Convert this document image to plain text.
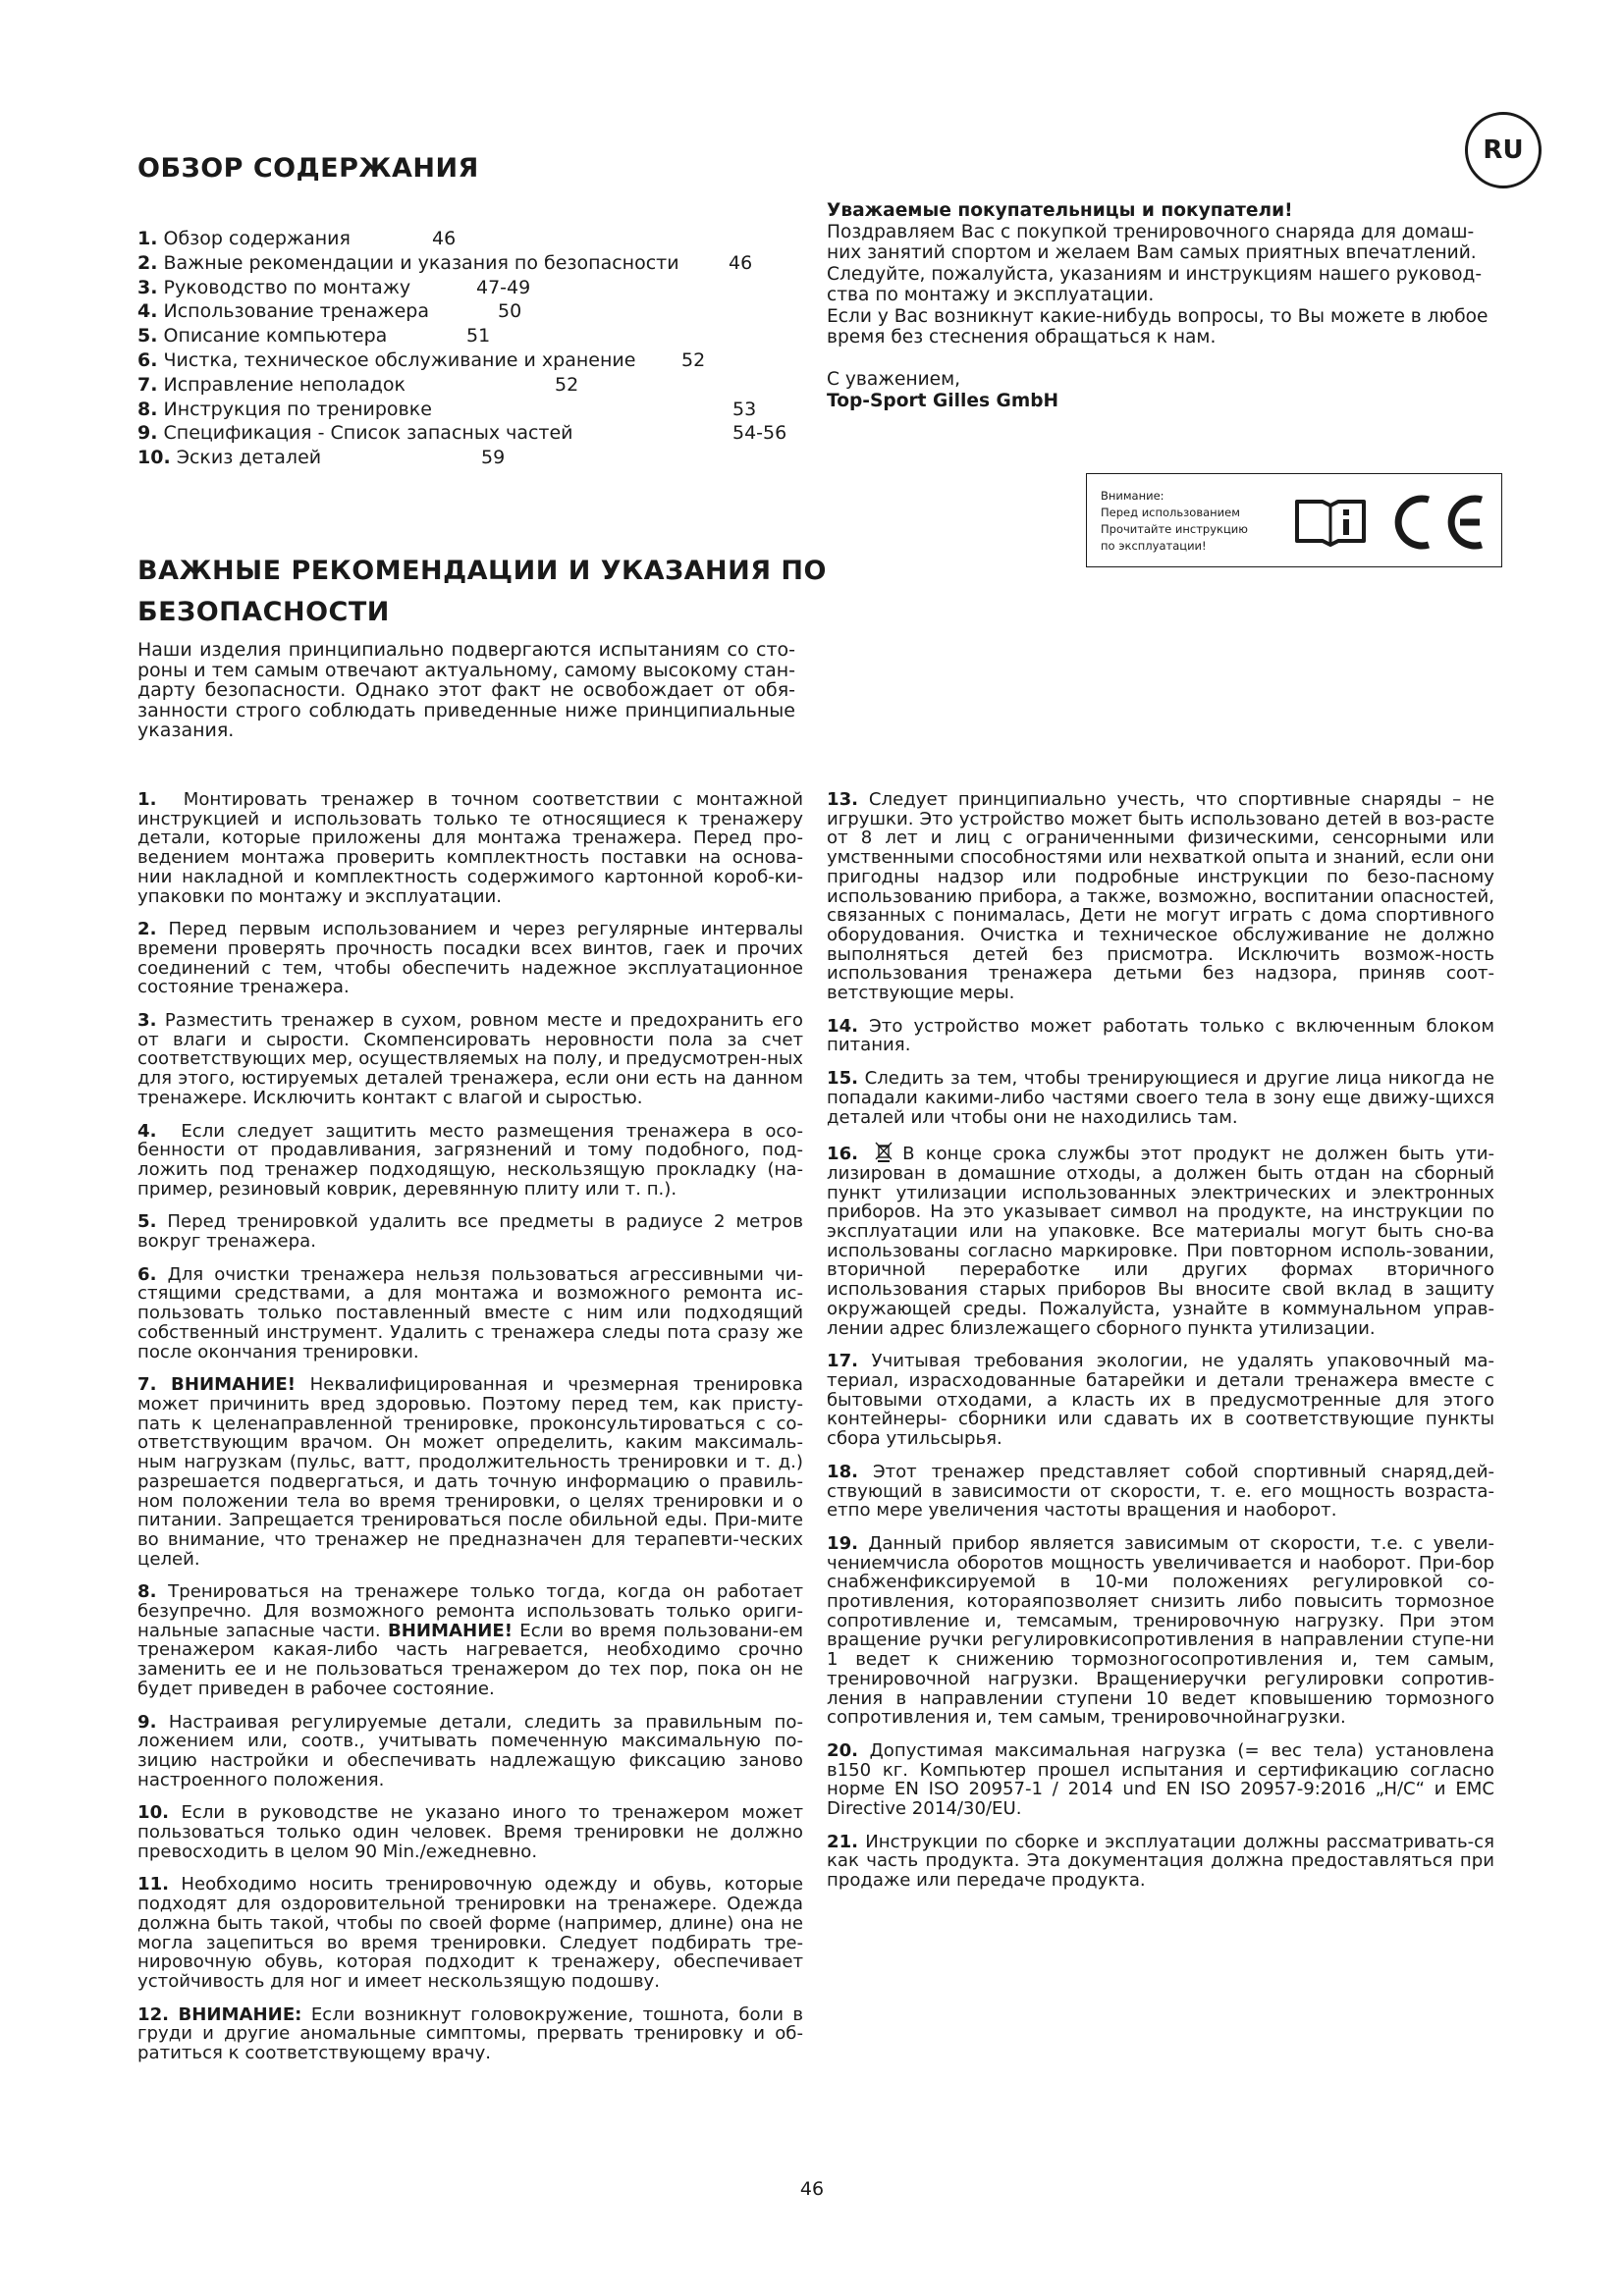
RU
ОБЗОР СОДЕРЖАНИЯ
1. Обзор содержания	46
2. Важные рекомендации и указания по безопасности	46
3. Руководство по монтажу	47-49
4. Использование тренажера	50
5. Описание компьютера	51
6. Чистка, техническое обслуживание и хранение 52
7. Исправление неполадок	52
8. Инструкция по тренировке	53
9. Спецификация - Список запасных частей	54-56
10. Эскиз деталей	59

Уважаемые покупательницы и покупатели!

Поздравляем Вас с покупкой тренировочного снаряда для домаш-

них занятий спортом и желаем Вам самых приятных впечатлений.

Следуйте, пожалуйста, указаниям и инструкциям нашего руковод-

ства по монтажу и эксплуатации.

Если у Вас возникнут какие-нибудь вопросы, то Вы можете в любое

время без стеснения обращаться к нам.

С уважением,

Top-Sport Gilles GmbH

Внимание:
Перед использованием
Прочитайте инструкцию
по эксплуатации!
ВАЖНЫЕ РЕКОМЕНДАЦИИ И УКАЗАНИЯ ПО
БЕЗОПАСНОСТИ

Наши изделия принципиально подвергаются испытаниям со сто-роны и тем самым отвечают актуальному, самому высокому стан-дарту безопасности. Однако этот факт не освобождает от обя-занности строго соблюдать приведенные ниже принципиальные указания.

1. Монтировать тренажер в точном соответствии с монтажной инструкцией и использовать только те относящиеся к тренажеру детали, которые приложены для монтажа тренажера. Перед про-ведением монтажа проверить комплектность поставки на основа-нии накладной и комплектность содержимого картонной короб-ки-упаковки по монтажу и эксплуатации.

2. Перед первым использованием и через регулярные интервалы времени проверять прочность посадки всех винтов, гаек и прочих соединений с тем, чтобы обеспечить надежное эксплуатационное состояние тренажера.

3. Разместить тренажер в сухом, ровном месте и предохранить его от влаги и сырости. Скомпенсировать неровности пола за счет соответствующих мер, осуществляемых на полу, и предусмотрен-ных для этого, юстируемых деталей тренажера, если они есть на данном тренажере. Исключить контакт с влагой и сыростью.

4. Если следует защитить место размещения тренажера в осо-бенности от продавливания, загрязнений и тому подобного, под-ложить под тренажер подходящую, нескользящую прокладку (на-пример, резиновый коврик, деревянную плиту или т. п.).

5. Перед тренировкой удалить все предметы в радиусе 2 метров вокруг тренажера.

6. Для очистки тренажера нельзя пользоваться агрессивными чи-стящими средствами, а для монтажа и возможного ремонта ис-пользовать только поставленный вместе с ним или подходящий собственный инструмент. Удалить с тренажера следы пота сразу же после окончания тренировки.

7. ВНИМАНИЕ! Неквалифицированная и чрезмерная тренировка может причинить вред здоровью. Поэтому перед тем, как присту-пать к целенаправленной тренировке, проконсультироваться с со-ответствующим врачом. Он может определить, каким максималь-ным нагрузкам (пульс, ватт, продолжительность тренировки и т. д.) разрешается подвергаться, и дать точную информацию о правиль-ном положении тела во время тренировки, о целях тренировки и о питании. Запрещается тренироваться после обильной еды. При-мите во внимание, что тренажер не предназначен для терапевти-ческих целей.

8. Тренироваться на тренажере только тогда, когда он работает безупречно. Для возможного ремонта использовать только ориги-нальные запасные части. ВНИМАНИЕ! Если во время пользовани-ем тренажером какая-либо часть нагревается, необходимо срочно заменить ее и не пользоваться тренажером до тех пор, пока он не будет приведен в рабочее состояние.

9. Настраивая регулируемые детали, следить за правильным по-ложением или, соотв., учитывать помеченную максимальную по-зицию настройки и обеспечивать надлежащую фиксацию заново настроенного положения.

10. Если в руководстве не указано иного то тренажером может пользоваться только один человек. Время тренировки не должно превосходить в целом 90 Min./ежедневно.

11. Необходимо носить тренировочную одежду и обувь, которые подходят для оздоровительной тренировки на тренажере. Одежда должна быть такой, чтобы по своей форме (например, длине) она не могла зацепиться во время тренировки. Следует подбирать тре-нировочную обувь, которая подходит к тренажеру, обеспечивает устойчивость для ног и имеет нескользящую подошву.

12. ВНИМАНИЕ: Если возникнут головокружение, тошнота, боли в груди и другие аномальные симптомы, прервать тренировку и об-ратиться к соответствующему врачу.

13. Следует принципиально учесть, что спортивные снаряды – не игрушки. Это устройство может быть использовано детей в воз-расте от 8 лет и лиц с ограниченными физическими, сенсорными или умственными способностями или нехваткой опыта и знаний, если они пригодны надзор или подробные инструкции по безо-пасному использованию прибора, а также, возможно, воспитании опасностей, связанных с понималась, Дети не могут играть с дома спортивного оборудования. Очистка и техническое обслуживание не должно выполняться детей без присмотра. Исключить возмож-ность использования тренажера детьми без надзора, приняв соот-ветствующие меры.

14. Это устройство может работать только с включенным блоком питания.

15. Следить за тем, чтобы тренирующиеся и другие лица никогда не попадали какими-либо частями своего тела в зону еще движу-щихся деталей или чтобы они не находились там.

16. В конце срока службы этот продукт не должен быть ути-лизирован в домашние отходы, а должен быть отдан на сборный пункт утилизации использованных электрических и электронных приборов. На это указывает символ на продукте, на инструкции по эксплуатации или на упаковке. Все материалы могут быть сно-ва использованы согласно маркировке. При повторном исполь-зовании, вторичной переработке или других формах вторичного использования старых приборов Вы вносите свой вклад в защиту окружающей среды. Пожалуйста, узнайте в коммунальном управ-лении адрес близлежащего сборного пункта утилизации.

17. Учитывая требования экологии, не удалять упаковочный ма-териал, израсходованные батарейки и детали тренажера вместе с бытовыми отходами, а класть их в предусмотренные для этого контейнеры- сборники или сдавать их в соответствующие пункты сбора утильсырья.

18. Этот тренажер представляет собой спортивный снаряд,дей-ствующий в зависимости от скорости, т. е. его мощность возраста-етпо мере увеличения частоты вращения и наоборот.

19. Данный прибор является зависимым от скорости, т.е. с увели-чениемчисла оборотов мощность увеличивается и наоборот. При-бор снабженфиксируемой в 10-ми положениях регулировкой со-противления, котораяпозволяет снизить либо повысить тормозное сопротивление и, темсамым, тренировочную нагрузку. При этом вращение ручки регулировкисопротивления в направлении ступе-ни 1 ведет к снижению тормозногосопротивления и, тем самым, тренировочной нагрузки. Вращениеручки регулировки сопротив-ления в направлении ступени 10 ведет кповышению тормозного сопротивления и, тем самым, тренировочнойнагрузки.

20. Допустимая максимальная нагрузка (= вес тела) установлена в150 кг. Компьютер прошел испытания и сертификацию согласно норме EN ISO 20957-1 / 2014 und EN ISO 20957-9:2016 „H/C“ и EMC Directive 2014/30/EU.

21. Инструкции по сборке и эксплуатации должны рассматривать-ся как часть продукта. Эта документация должна предоставляться при продаже или передаче продукта.

46
